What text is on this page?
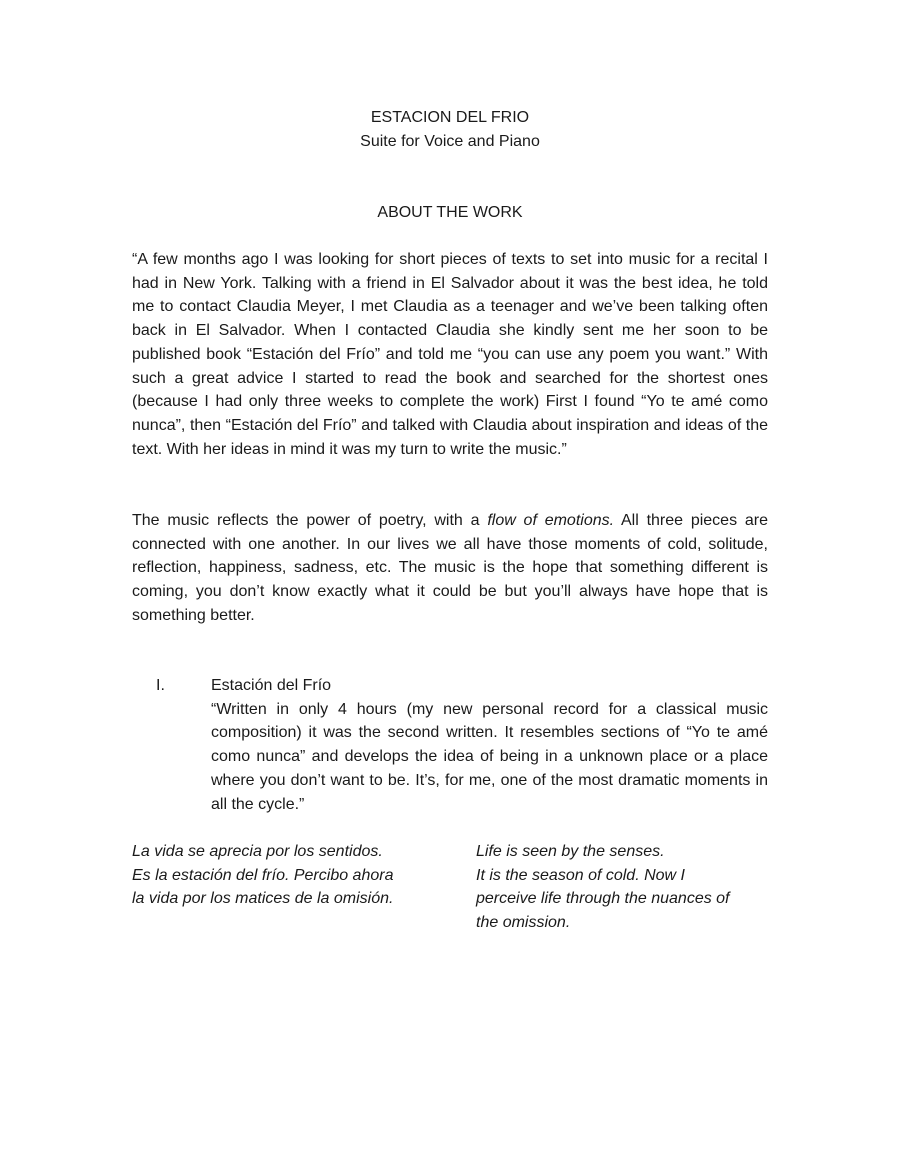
ESTACION DEL FRIO
Suite for Voice and Piano
ABOUT THE WORK

“A few months ago I was looking for short pieces of texts to set into music for a recital I had in New York. Talking with a friend in El Salvador about it was the best idea, he told me to contact Claudia Meyer, I met Claudia as a teenager and we’ve been talking often back in El Salvador. When I contacted Claudia she kindly sent me her soon to be published book “Estación del Frío” and told me “you can use any poem you want.” With such a great advice I started to read the book and searched for the shortest ones (because I had only three weeks to complete the work) First I found “Yo te amé como nunca”, then “Estación del Frío” and talked with Claudia about inspiration and ideas of the text. With her ideas in mind it was my turn to write the music.”

The music reflects the power of poetry, with a flow of emotions. All three pieces are connected with one another. In our lives we all have those moments of cold, solitude, reflection, happiness, sadness, etc. The music is the hope that something different is coming, you don’t know exactly what it could be but you’ll always have hope that is something better.

I.	Estación del Frío

“Written in only 4 hours (my new personal record for a classical music composition) it was the second written. It resembles sections of “Yo te amé como nunca” and develops the idea of being in a unknown place or a place where you don’t want to be. It’s, for me, one of the most dramatic moments in all the cycle.”

La vida se aprecia por los sentidos.
Es la estación del frío. Percibo ahora
la vida por los matices de la omisión.
Life is seen by the senses.
It is the season of cold. Now I
perceive life through the nuances of
the omission.
